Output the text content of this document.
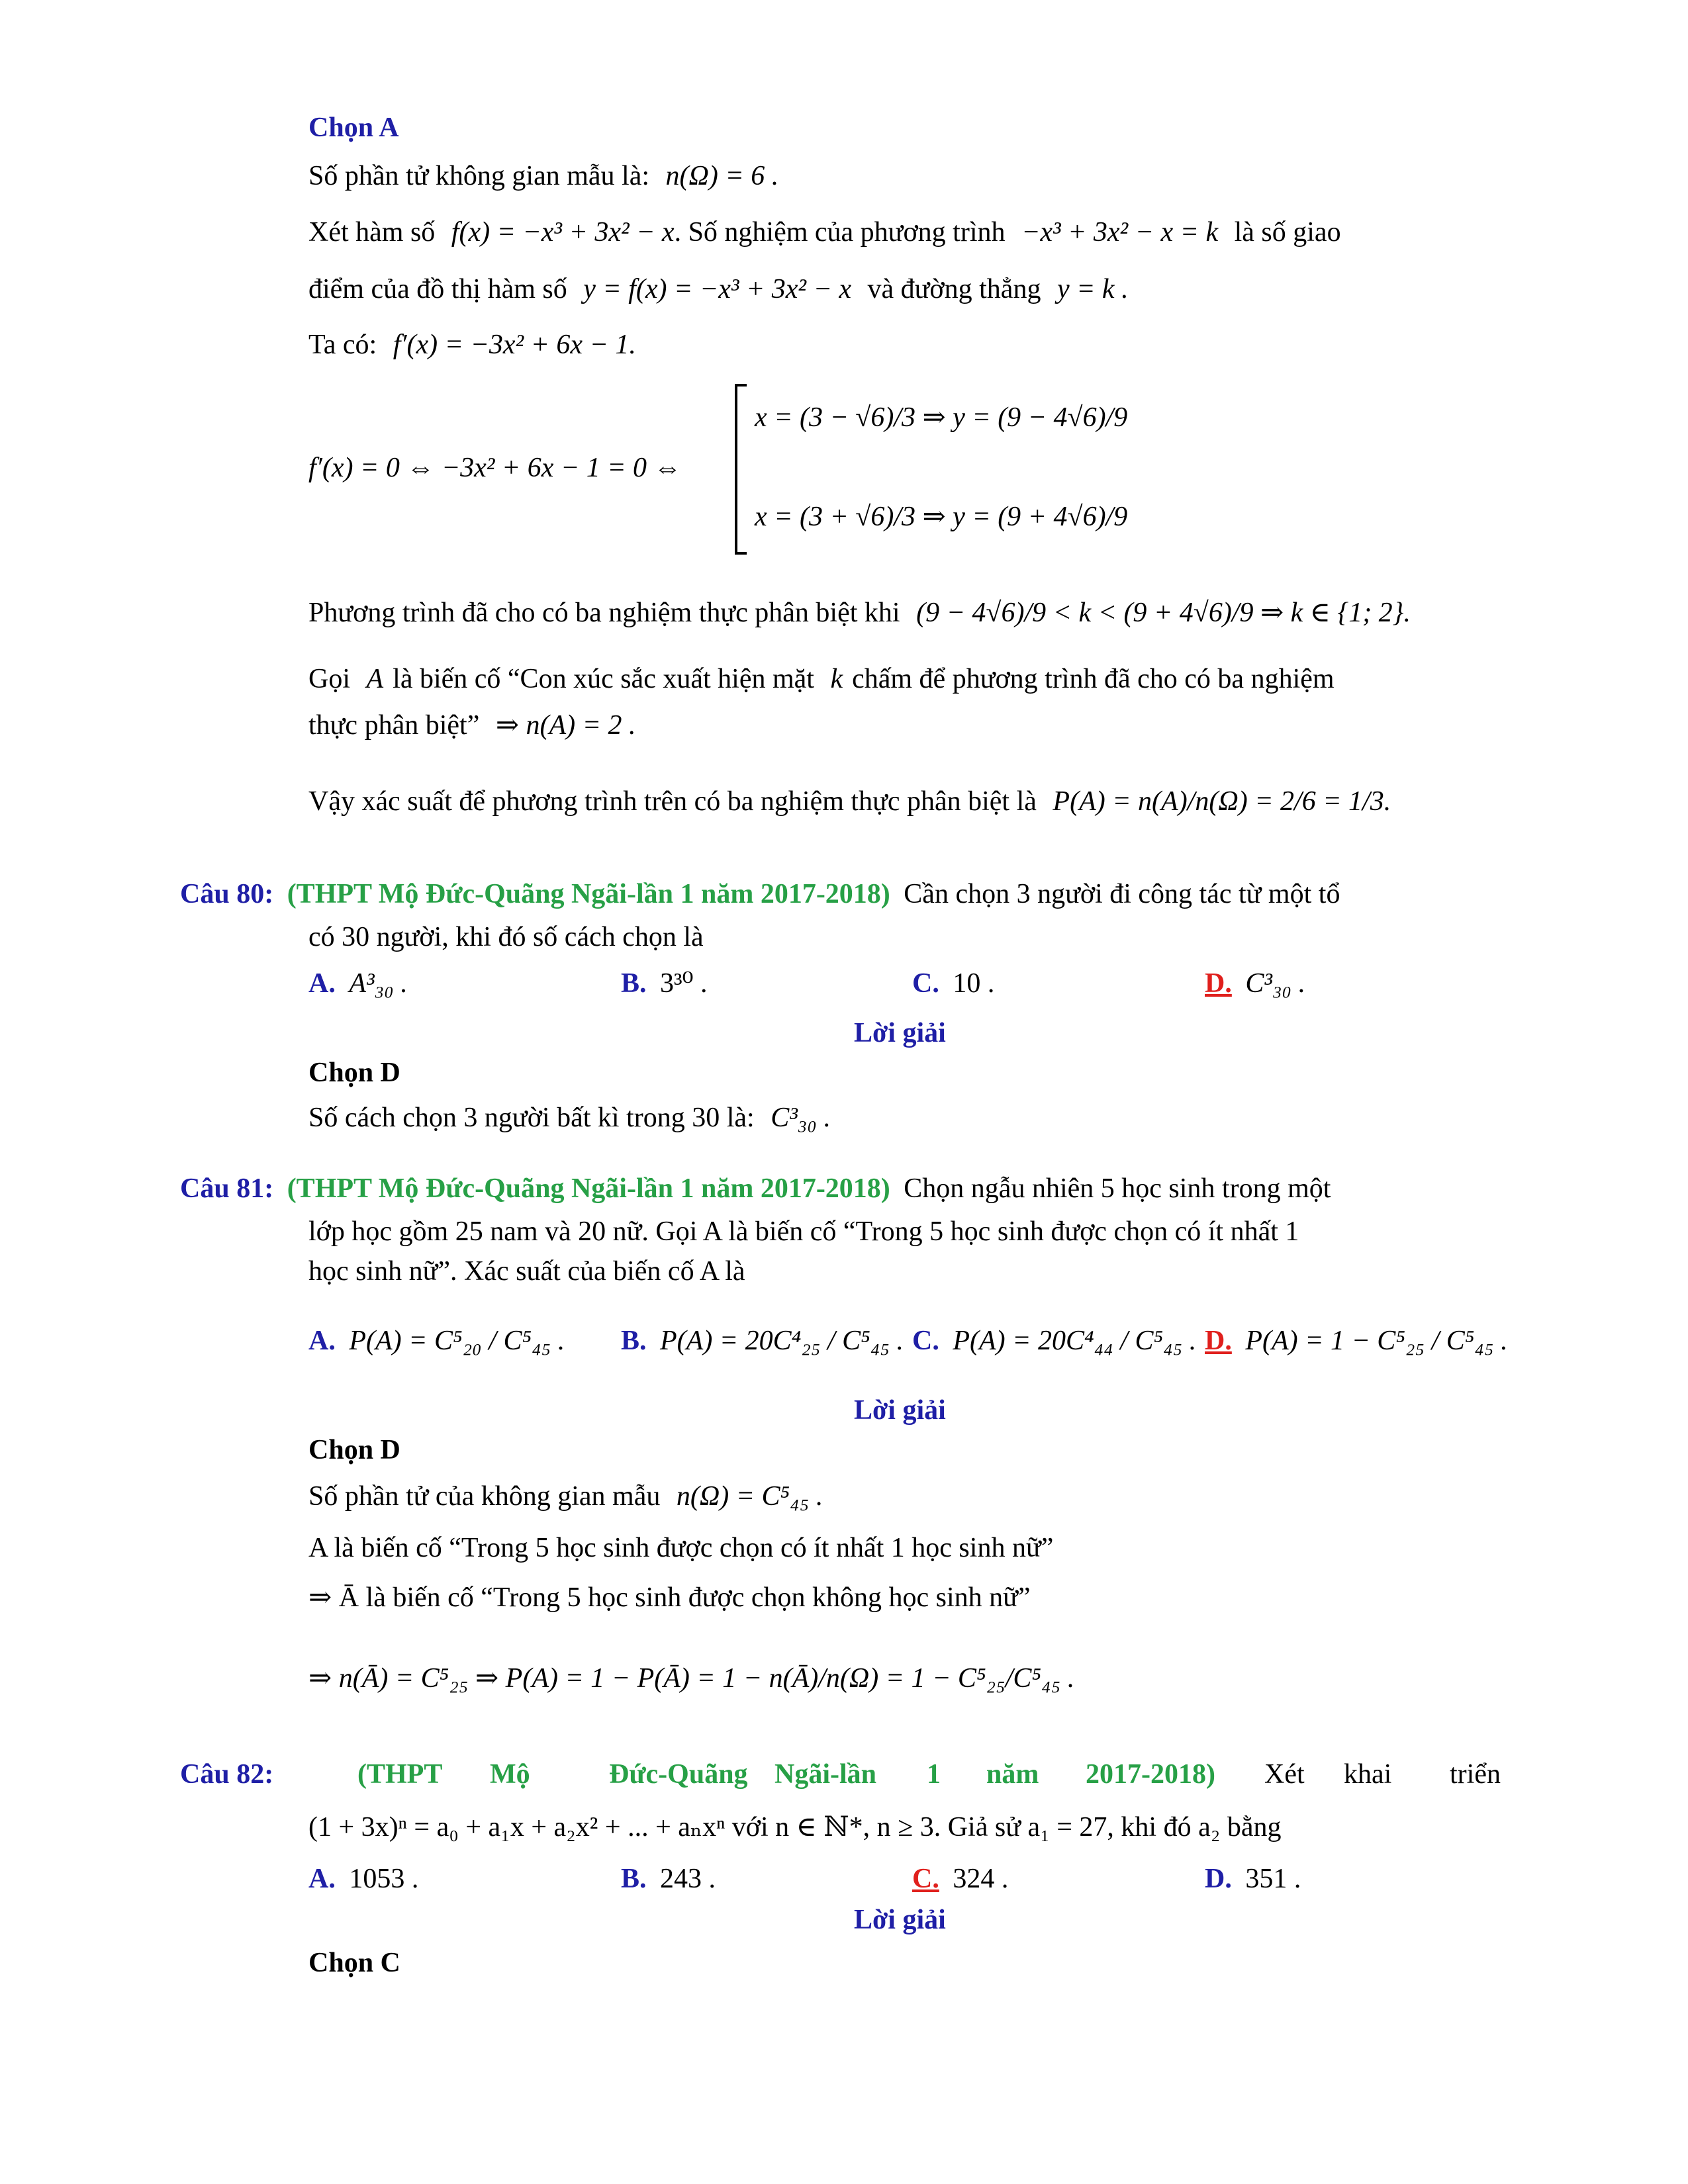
Chọn A
Số phần tử không gian mẫu là: n(Ω) = 6 .
Xét hàm số f(x) = −x³ + 3x² − x. Số nghiệm của phương trình −x³ + 3x² − x = k là số giao
điểm của đồ thị hàm số y = f(x) = −x³ + 3x² − x và đường thẳng y = k .
Ta có: f′(x) = −3x² + 6x − 1.
f′(x) = 0 ⇔ −3x² + 6x − 1 = 0 ⇔
x = (3 − √6)/3 ⇒ y = (9 − 4√6)/9
x = (3 + √6)/3 ⇒ y = (9 + 4√6)/9
Phương trình đã cho có ba nghiệm thực phân biệt khi (9 − 4√6)/9 < k < (9 + 4√6)/9 ⇒ k ∈ {1; 2}.
Gọi A là biến cố “Con xúc sắc xuất hiện mặt k chấm để phương trình đã cho có ba nghiệm
thực phân biệt” ⇒ n(A) = 2 .
Vậy xác suất để phương trình trên có ba nghiệm thực phân biệt là P(A) = n(A)/n(Ω) = 2/6 = 1/3.
Câu 80: (THPT Mộ Đức-Quãng Ngãi-lần 1 năm 2017-2018) Cần chọn 3 người đi công tác từ một tổ
có 30 người, khi đó số cách chọn là
A. A³₃₀ .	B. 3³⁰ .	C. 10 .	D. C³₃₀ .
Lời giải
Chọn D
Số cách chọn 3 người bất kì trong 30 là: C³₃₀ .
Câu 81: (THPT Mộ Đức-Quãng Ngãi-lần 1 năm 2017-2018) Chọn ngẫu nhiên 5 học sinh trong một
lớp học gồm 25 nam và 20 nữ. Gọi A là biến cố “Trong 5 học sinh được chọn có ít nhất 1
học sinh nữ”. Xác suất của biến cố A là
A. P(A) = C⁵₂₀ / C⁵₄₅ . B. P(A) = 20C⁴₂₅ / C⁵₄₅ . C. P(A) = 20C⁴₄₄ / C⁵₄₅ . D. P(A) = 1 − C⁵₂₅ / C⁵₄₅ .
Lời giải
Chọn D
Số phần tử của không gian mẫu n(Ω) = C⁵₄₅ .
A là biến cố “Trong 5 học sinh được chọn có ít nhất 1 học sinh nữ”
⇒ Ā là biến cố “Trong 5 học sinh được chọn không học sinh nữ”
⇒ n(Ā) = C⁵₂₅ ⇒ P(A) = 1 − P(Ā) = 1 − n(Ā)/n(Ω) = 1 − C⁵₂₅/C⁵₄₅ .
Câu 82:	(THPT Mộ	Đức-Quãng Ngãi-lần 1 năm 2017-2018) Xét khai triển
(1 + 3x)ⁿ = a₀ + a₁x + a₂x² + ... + aₙxⁿ với n ∈ ℕ*, n ≥ 3. Giả sử a₁ = 27, khi đó a₂ bằng
A. 1053 .	B. 243 .	C. 324 .	D. 351 .
Lời giải
Chọn C
